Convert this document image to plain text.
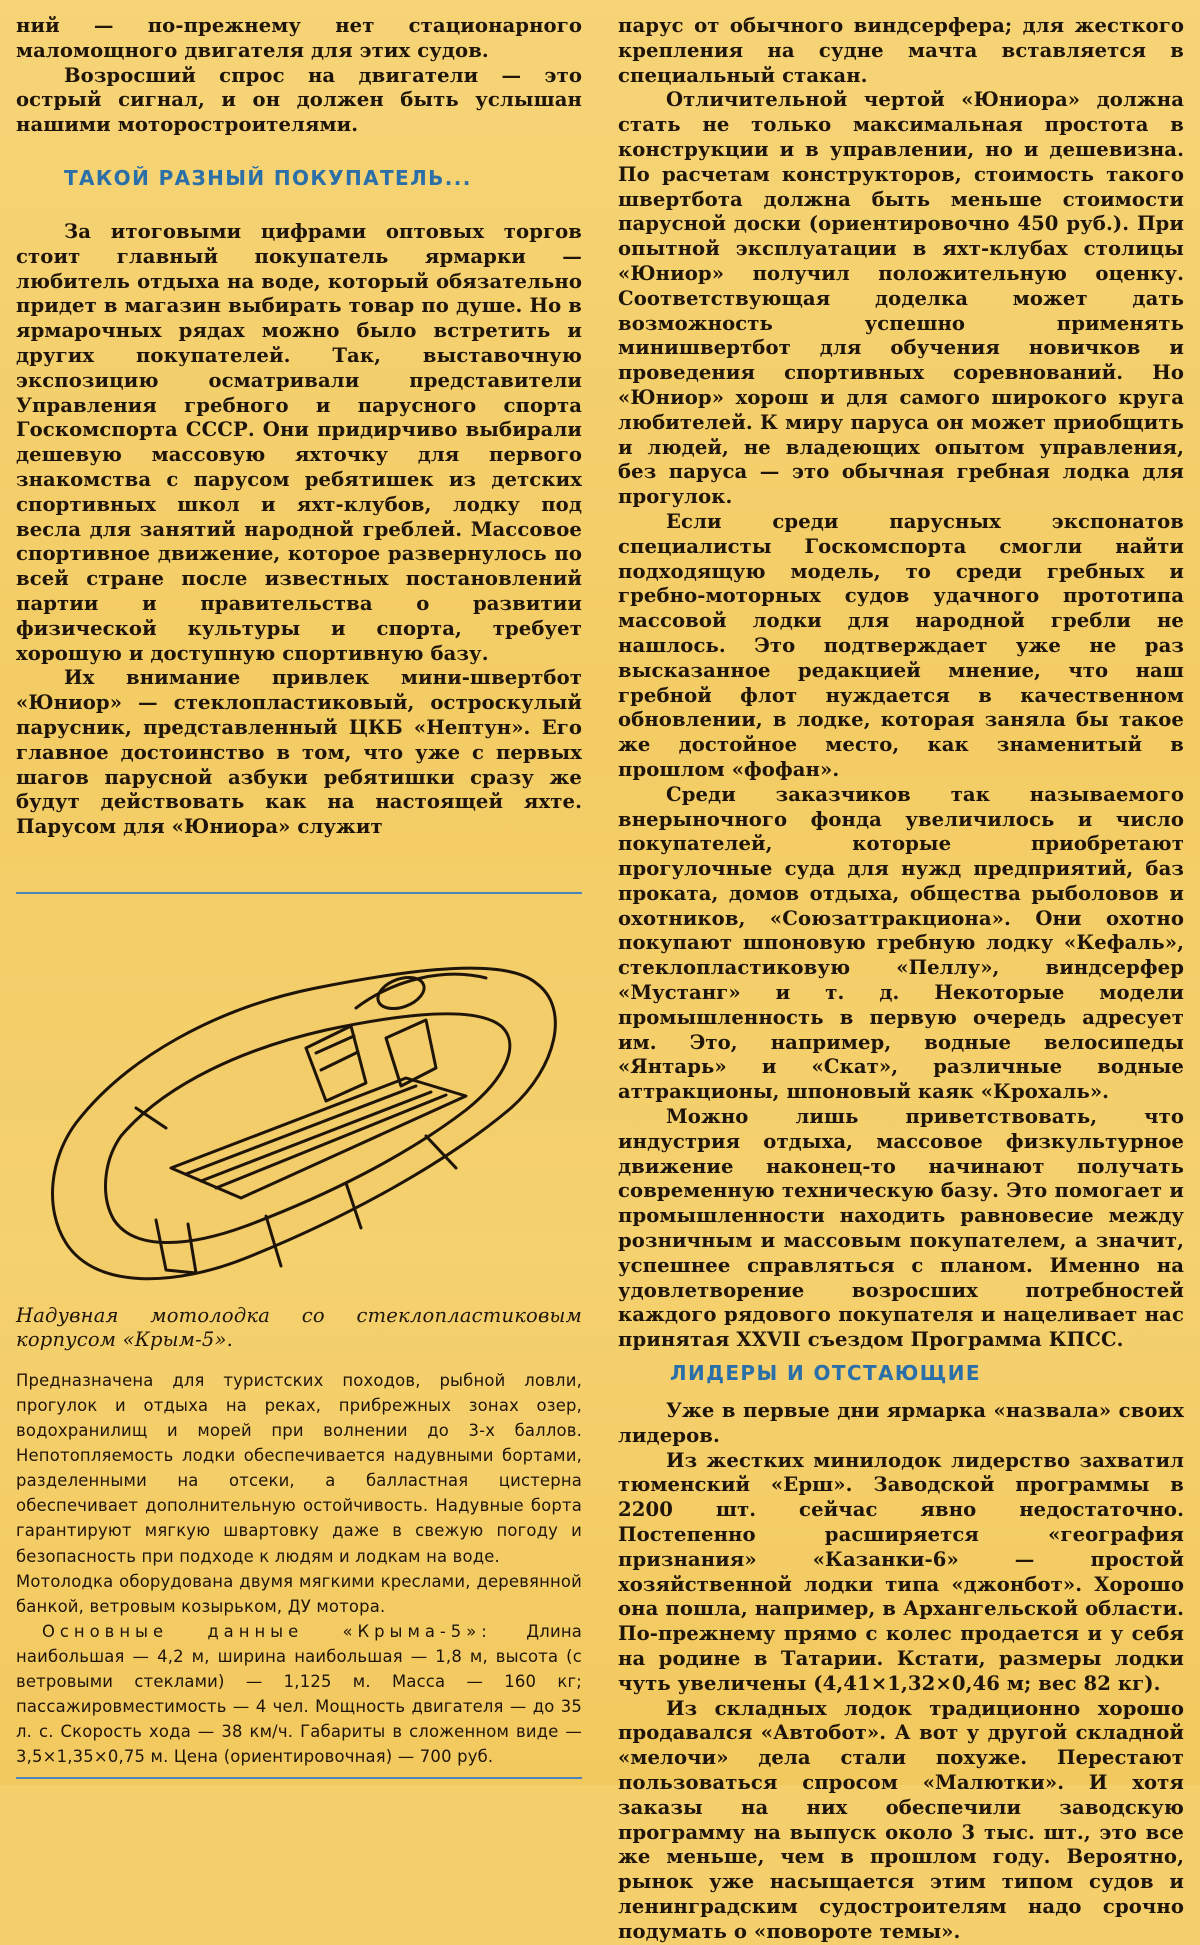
ний — по-прежнему нет стационарного маломощного двигателя для этих судов.

Возросший спрос на двигатели — это острый сигнал, и он должен быть услышан нашими моторостроителями.

ТАКОЙ РАЗНЫЙ ПОКУПАТЕЛЬ...

За итоговыми цифрами оптовых торгов стоит главный покупатель ярмарки — любитель отдыха на воде, который обязательно придет в магазин выбирать товар по душе. Но в ярмарочных рядах можно было встретить и других покупателей. Так, выставочную экспозицию осматривали представители Управления гребного и парусного спорта Госкомспорта СССР. Они придирчиво выбирали дешевую массовую яхточку для первого знакомства с парусом ребятишек из детских спортивных школ и яхт-клубов, лодку под весла для занятий народной греблей. Массовое спортивное движение, которое развернулось по всей стране после известных постановлений партии и правительства о развитии физической культуры и спорта, требует хорошую и доступную спортивную базу.

Их внимание привлек мини-швертбот «Юниор» — стеклопластиковый, остроскулый парусник, представленный ЦКБ «Нептун». Его главное достоинство в том, что уже с первых шагов парусной азбуки ребятишки сразу же будут действовать как на настоящей яхте. Парусом для «Юниора» служит

Надувная мотолодка со стеклопластиковым корпусом «Крым-5».

Предназначена для туристских походов, рыбной ловли, прогулок и отдыха на реках, прибрежных зонах озер, водохранилищ и морей при волнении до 3-х баллов. Непотопляемость лодки обеспечивается надувными бортами, разделенными на отсеки, а балластная цистерна обеспечивает дополнительную остойчивость. Надувные борта гарантируют мягкую швартовку даже в свежую погоду и безопасность при подходе к людям и лодкам на воде.

Мотолодка оборудована двумя мягкими креслами, деревянной банкой, ветровым козырьком, ДУ мотора.

Основные данные «Крыма-5»: Длина наибольшая — 4,2 м, ширина наибольшая — 1,8 м, высота (с ветровыми стеклами) — 1,125 м. Масса — 160 кг; пассажировместимость — 4 чел. Мощность двигателя — до 35 л. с. Скорость хода — 38 км/ч. Габариты в сложенном виде — 3,5×1,35×0,75 м. Цена (ориентировочная) — 700 руб.

парус от обычного виндсерфера; для жесткого крепления на судне мачта вставляется в специальный стакан.

Отличительной чертой «Юниора» должна стать не только максимальная простота в конструкции и в управлении, но и дешевизна. По расчетам конструкторов, стоимость такого швертбота должна быть меньше стоимости парусной доски (ориентировочно 450 руб.). При опытной эксплуатации в яхт-клубах столицы «Юниор» получил положительную оценку. Соответствующая доделка может дать возможность успешно применять минишвертбот для обучения новичков и проведения спортивных соревнований. Но «Юниор» хорош и для самого широкого круга любителей. К миру паруса он может приобщить и людей, не владеющих опытом управления, без паруса — это обычная гребная лодка для прогулок.

Если среди парусных экспонатов специалисты Госкомспорта смогли найти подходящую модель, то среди гребных и гребно-моторных судов удачного прототипа массовой лодки для народной гребли не нашлось. Это подтверждает уже не раз высказанное редакцией мнение, что наш гребной флот нуждается в качественном обновлении, в лодке, которая заняла бы такое же достойное место, как знаменитый в прошлом «фофан».

Среди заказчиков так называемого внерыночного фонда увеличилось и число покупателей, которые приобретают прогулочные суда для нужд предприятий, баз проката, домов отдыха, общества рыболовов и охотников, «Союзаттракциона». Они охотно покупают шпоновую гребную лодку «Кефаль», стеклопластиковую «Пеллу», виндсерфер «Мустанг» и т. д. Некоторые модели промышленность в первую очередь адресует им. Это, например, водные велосипеды «Янтарь» и «Скат», различные водные аттракционы, шпоновый каяк «Крохаль».

Можно лишь приветствовать, что индустрия отдыха, массовое физкультурное движение наконец-то начинают получать современную техническую базу. Это помогает и промышленности находить равновесие между розничным и массовым покупателем, а значит, успешнее справляться с планом. Именно на удовлетворение возросших потребностей каждого рядового покупателя и нацеливает нас принятая XXVII съездом Программа КПСС.

ЛИДЕРЫ И ОТСТАЮЩИЕ

Уже в первые дни ярмарка «назвала» своих лидеров.

Из жестких минилодок лидерство захватил тюменский «Ерш». Заводской программы в 2200 шт. сейчас явно недостаточно. Постепенно расширяется «география признания» «Казанки-6» — простой хозяйственной лодки типа «джонбот». Хорошо она пошла, например, в Архангельской области. По-прежнему прямо с колес продается и у себя на родине в Татарии. Кстати, размеры лодки чуть увеличены (4,41×1,32×0,46 м; вес 82 кг).

Из складных лодок традиционно хорошо продавался «Автобот». А вот у другой складной «мелочи» дела стали похуже. Перестают пользоваться спросом «Малютки». И хотя заказы на них обеспечили заводскую программу на выпуск около 3 тыс. шт., это все же меньше, чем в прошлом году. Вероятно, рынок уже насыщается этим типом судов и ленинградским судостроителям надо срочно подумать о «повороте темы».
